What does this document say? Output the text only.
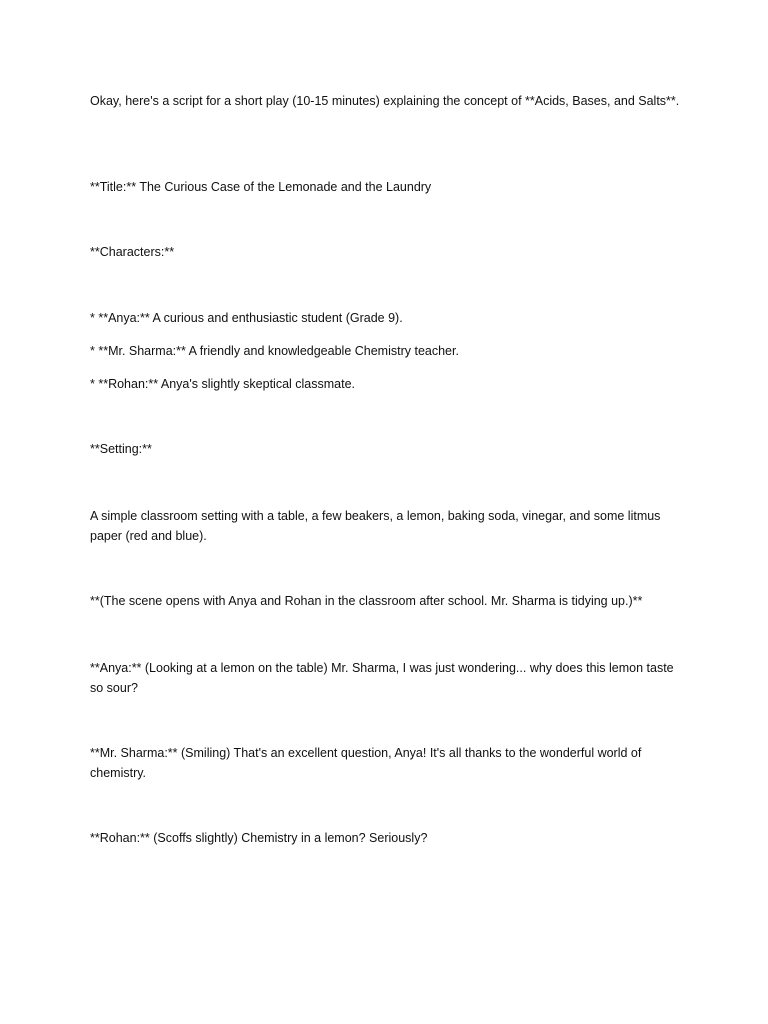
Okay, here's a script for a short play (10-15 minutes) explaining the concept of **Acids, Bases, and Salts**.

**Title:** The Curious Case of the Lemonade and the Laundry

**Characters:**

* **Anya:** A curious and enthusiastic student (Grade 9).

* **Mr. Sharma:** A friendly and knowledgeable Chemistry teacher.

* **Rohan:** Anya's slightly skeptical classmate.

**Setting:**

A simple classroom setting with a table, a few beakers, a lemon, baking soda, vinegar, and some litmus paper (red and blue).

**(The scene opens with Anya and Rohan in the classroom after school. Mr. Sharma is tidying up.)**

**Anya:** (Looking at a lemon on the table) Mr. Sharma, I was just wondering... why does this lemon taste so sour?

**Mr. Sharma:** (Smiling) That's an excellent question, Anya! It's all thanks to the wonderful world of chemistry.

**Rohan:** (Scoffs slightly) Chemistry in a lemon? Seriously?
